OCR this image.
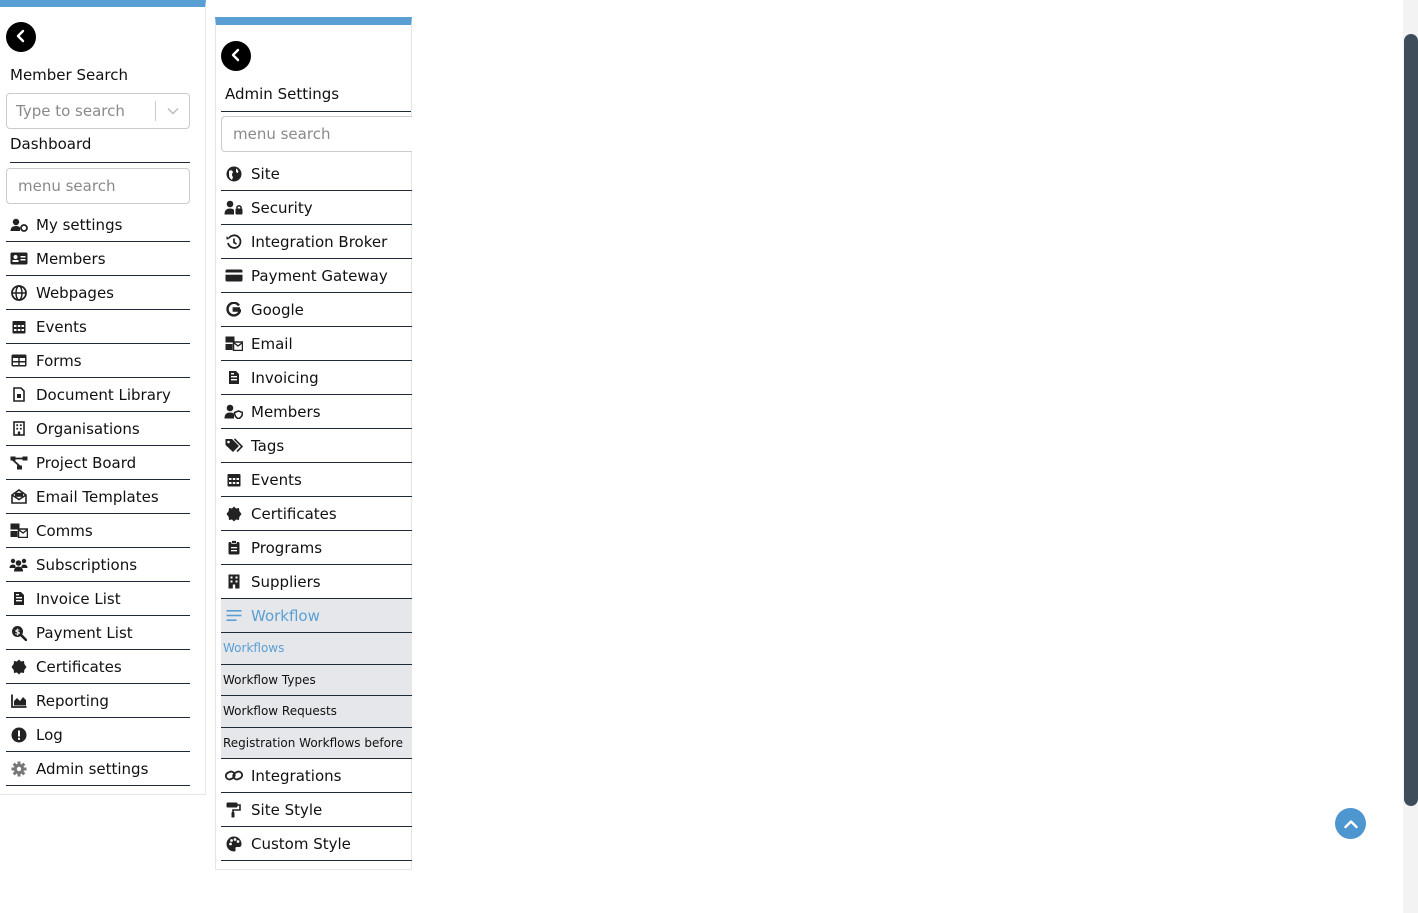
Member Search
Type to search
Dashboard
menu search
My settings
Members
Webpages
Events
Forms
Document Library
Organisations
Project Board
Email Templates
Comms
Subscriptions
Invoice List
$ Payment List
Certificates
Reporting
Log
Admin settings
Admin Settings
menu search
Site
Security
Integration Broker
Payment Gateway
Google
Email
Invoicing
Members
Tags
Events
Certificates
Programs
Suppliers
Workflow
Workflows
Workflow Types
Workflow Requests
Registration Workflows before
Integrations
Site Style
Custom Style
